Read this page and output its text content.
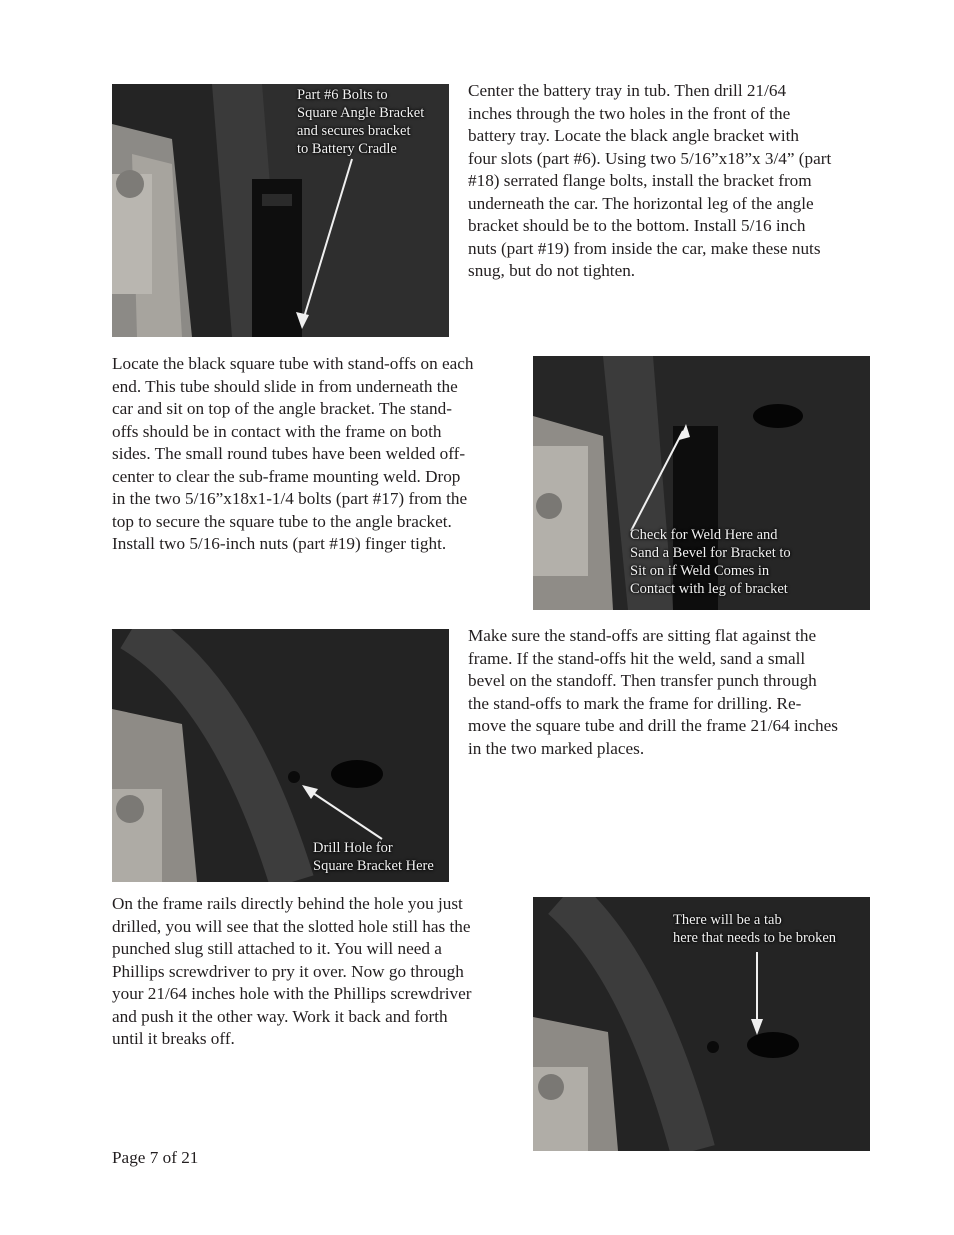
Part #6 Bolts to
Square Angle Bracket
and secures bracket
to Battery Cradle

Center the battery tray in tub. Then drill 21/64
inches through the two holes in the front of the
battery tray. Locate the black angle bracket with
four slots (part #6). Using two 5/16”x18”x 3/4” (part
#18) serrated flange bolts, install the bracket from
underneath the car. The horizontal leg of the angle
bracket should be to the bottom. Install 5/16 inch
nuts (part #19) from inside the car, make these nuts
snug, but do not tighten.

Locate the black square tube with stand-offs on each
end. This tube should slide in from underneath the
car and sit on top of the angle bracket. The stand-
offs should be in contact with the frame on both
sides. The small round tubes have been welded off-
center to clear the sub-frame mounting weld. Drop
in the two 5/16”x18x1-1/4 bolts (part #17) from the
top to secure the square tube to the angle bracket.
Install two 5/16-inch nuts (part #19) finger tight.	Check for Weld Here and
Sand a Bevel for Bracket to
Sit on if Weld Comes in
Contact with leg of bracket
Drill Hole for
Square Bracket Here

Make sure the stand-offs are sitting flat against the
frame. If the stand-offs hit the weld, sand a small
bevel on the standoff. Then transfer punch through
the stand-offs to mark the frame for drilling. Re-
move the square tube and drill the frame 21/64 inches
in the two marked places.

On the frame rails directly behind the hole you just
drilled, you will see that the slotted hole still has the
punched slug still attached to it. You will need a
Phillips screwdriver to pry it over. Now go through
your 21/64 inches hole with the Phillips screwdriver
and push it the other way. Work it back and forth
until it breaks off.

There will be a tab
here that needs to be broken
Page 7 of 21
